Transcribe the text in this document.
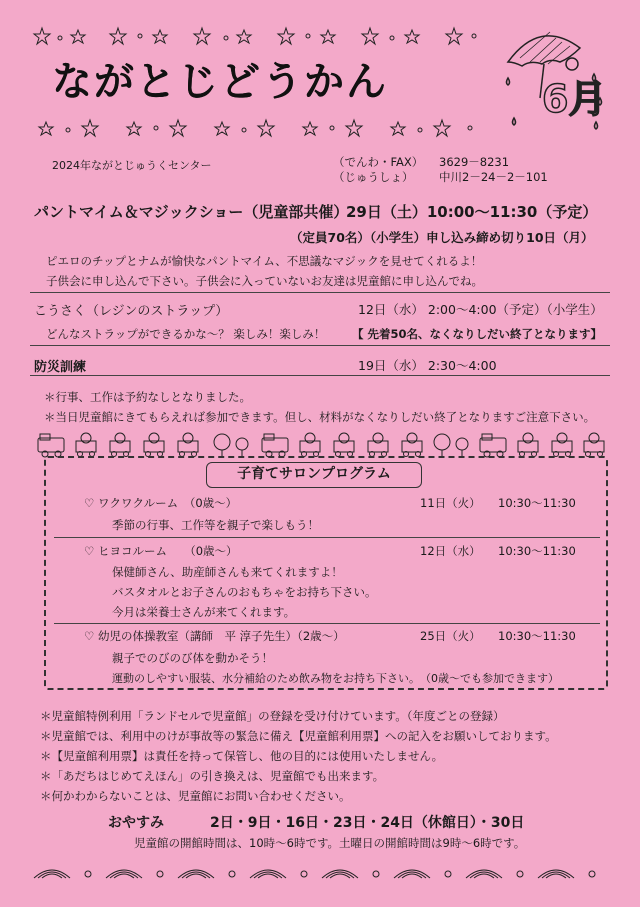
ながとじどうかん	6月
2024年ながとじゅうくセンター	（でんわ・FAX） 3629－8231
（じゅうしょ） 中川2－24－2－101
パントマイム＆マジックショー（児童部共催）
29日（土）10:00～11:30（予定）
（定員70名）（小学生）申し込み締め切り10日（月）
ピエロのチップとナムが愉快なパントマイム、不思議なマジックを見せてくれるよ！
子供会に申し込んで下さい。子供会に入っていないお友達は児童館に申し込んでね。
こうさく（レジンのストラップ）	12日（水） 2:00～4:00（予定）（小学生）
どんなストラップができるかな～？ 楽しみ！楽しみ！ 【 先着50名、なくなりしだい終了となります】
防災訓練	19日（水） 2:30～4:00
＊行事、工作は予約なしとなりました。
＊当日児童館にきてもらえれば参加できます。但し、材料がなくなりしだい終了となりますご注意下さい。
子育てサロンプログラム
♡ ワクワクルーム　（0歳～）	11日（火） 10:30～11:30
季節の行事、工作等を親子で楽しもう！
♡ ヒヨコルーム　　（0歳～）	12日（水） 10:30～11:30
保健師さん、助産師さんも来てくれますよ！
バスタオルとお子さんのおもちゃをお持ち下さい。
今月は栄養士さんが来てくれます。
♡ 幼児の体操教室（講師　平 淳子先生）（2歳～）	25日（火） 10:30～11:30
親子でのびのび体を動かそう！
運動のしやすい服装、水分補給のため飲み物をお持ち下さい。　（0歳～でも参加できます）
＊児童館特例利用「ランドセルで児童館」の登録を受け付けています。（年度ごとの登録）
＊児童館では、利用中のけが事故等の緊急に備え【児童館利用票】への記入をお願いしております。
＊【児童館利用票】は責任を持って保管し、他の目的には使用いたしません。
＊「あだちはじめてえほん」の引き換えは、児童館でも出来ます。
＊何かわからないことは、児童館にお問い合わせください。
おやすみ	2日・9日・16日・23日・24日（休館日）・30日
児童館の開館時間は、10時～6時です。土曜日の開館時間は9時～6時です。
